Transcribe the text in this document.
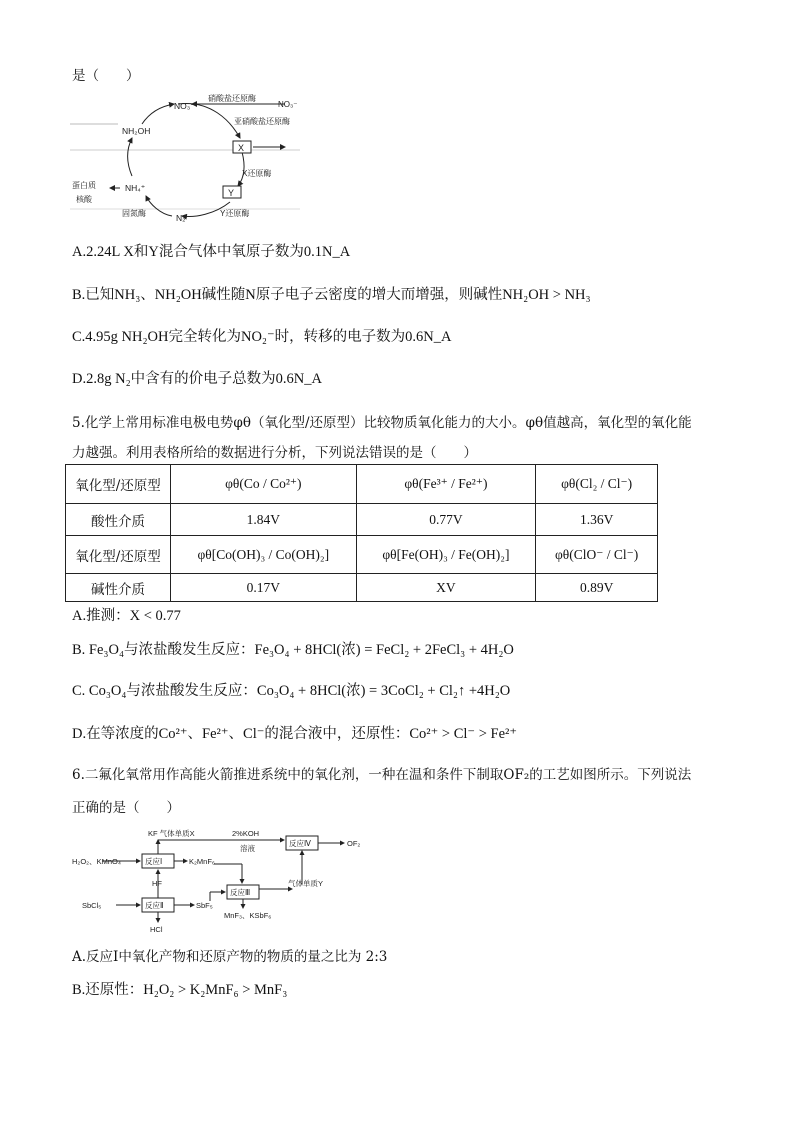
是（　　）
NO₃⁻
硝酸盐还原酶
NO₃⁻
亚硝酸盐还原酶
X
X还原酶
Y
Y还原酶
N₂
固氮酶
NH₄⁺
NH₂OH
蛋白质
核酸
A.2.24L X和Y混合气体中氧原子数为0.1N_A
B.已知NH₃、NH₂OH碱性随N原子电子云密度的增大而增强，则碱性NH₂OH > NH₃
C.4.95g NH₂OH完全转化为NO₂⁻时，转移的电子数为0.6N_A
D.2.8g N₂中含有的价电子总数为0.6N_A
5.化学上常用标准电极电势φθ（氧化型/还原型）比较物质氧化能力的大小。φθ值越高，氧化型的氧化能
力越强。利用表格所给的数据进行分析，下列说法错误的是（　　）
氧化型/还原型	φθ(Co / Co²⁺)	φθ(Fe³⁺ / Fe²⁺)	φθ(Cl₂ / Cl⁻)
酸性介质	1.84V	0.77V	1.36V
氧化型/还原型	φθ[Co(OH)₃ / Co(OH)₂]	φθ[Fe(OH)₃ / Fe(OH)₂]	φθ(ClO⁻ / Cl⁻)
碱性介质	0.17V	XV	0.89V
A.推测：X < 0.77
B. Fe₃O₄与浓盐酸发生反应：Fe₃O₄ + 8HCl(浓) = FeCl₂ + 2FeCl₃ + 4H₂O
C. Co₃O₄与浓盐酸发生反应：Co₃O₄ + 8HCl(浓) = 3CoCl₂ + Cl₂↑ +4H₂O
D.在等浓度的Co²⁺、Fe²⁺、Cl⁻的混合液中，还原性：Co²⁺ > Cl⁻ > Fe²⁺
6.二氟化氧常用作高能火箭推进系统中的氧化剂，一种在温和条件下制取OF₂的工艺如图所示。下列说法
正确的是（　　）
KF 气体单质X	2%KOH
溶液
反应Ⅳ	OF₂
H₂O₂、KMnO₄	反应Ⅰ	K₂MnF₆
HF
反应Ⅲ
气体单质Y
SbCl₅	反应Ⅱ	SbF₅
MnF₃、KSbF₆
HCl
A.反应Ⅰ中氧化产物和还原产物的物质的量之比为 2:3
B.还原性：H₂O₂ > K₂MnF₆ > MnF₃
